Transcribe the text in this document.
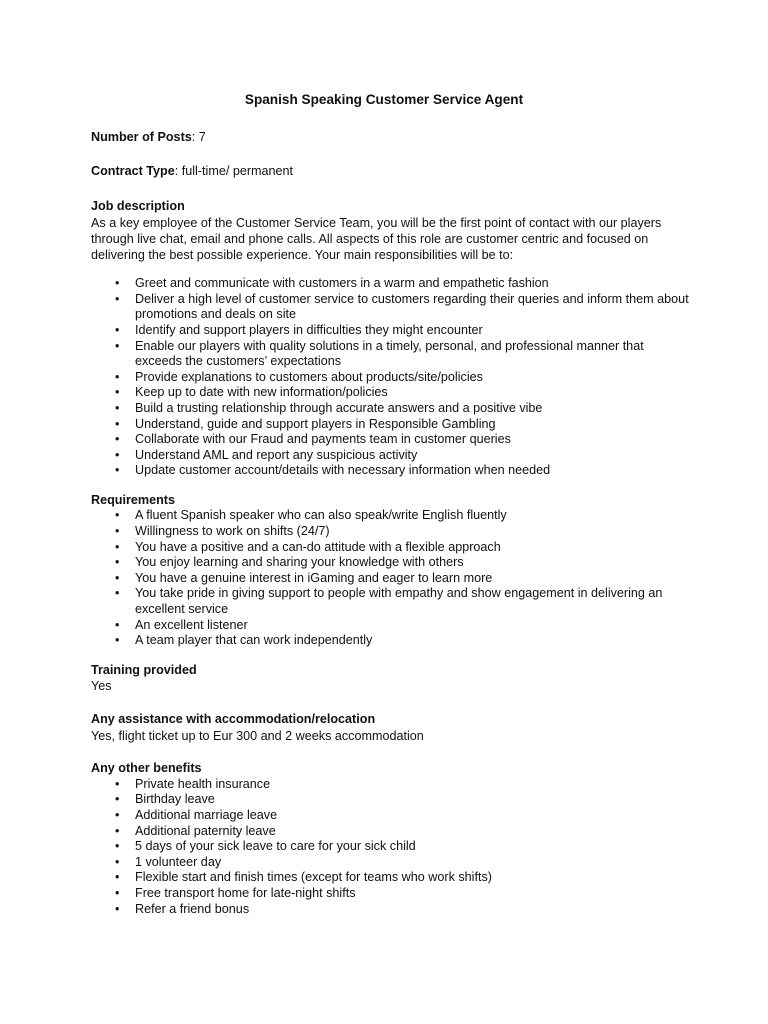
Spanish Speaking Customer Service Agent
Number of Posts: 7
Contract Type: full-time/ permanent
Job description
As a key employee of the Customer Service Team, you will be the first point of contact with our players through live chat, email and phone calls. All aspects of this role are customer centric and focused on delivering the best possible experience. Your main responsibilities will be to:
• Greet and communicate with customers in a warm and empathetic fashion
• Deliver a high level of customer service to customers regarding their queries and inform them about promotions and deals on site
• Identify and support players in difficulties they might encounter
• Enable our players with quality solutions in a timely, personal, and professional manner that exceeds the customers’ expectations
• Provide explanations to customers about products/site/policies
• Keep up to date with new information/policies
• Build a trusting relationship through accurate answers and a positive vibe
• Understand, guide and support players in Responsible Gambling
• Collaborate with our Fraud and payments team in customer queries
• Understand AML and report any suspicious activity
• Update customer account/details with necessary information when needed
Requirements
• A fluent Spanish speaker who can also speak/write English fluently
• Willingness to work on shifts (24/7)
• You have a positive and a can-do attitude with a flexible approach
• You enjoy learning and sharing your knowledge with others
• You have a genuine interest in iGaming and eager to learn more
• You take pride in giving support to people with empathy and show engagement in delivering an excellent service
• An excellent listener
• A team player that can work independently
Training provided
Yes
Any assistance with accommodation/relocation
Yes, flight ticket up to Eur 300 and 2 weeks accommodation
Any other benefits
• Private health insurance
• Birthday leave
• Additional marriage leave
• Additional paternity leave
• 5 days of your sick leave to care for your sick child
• 1 volunteer day
• Flexible start and finish times (except for teams who work shifts)
• Free transport home for late-night shifts
• Refer a friend bonus
